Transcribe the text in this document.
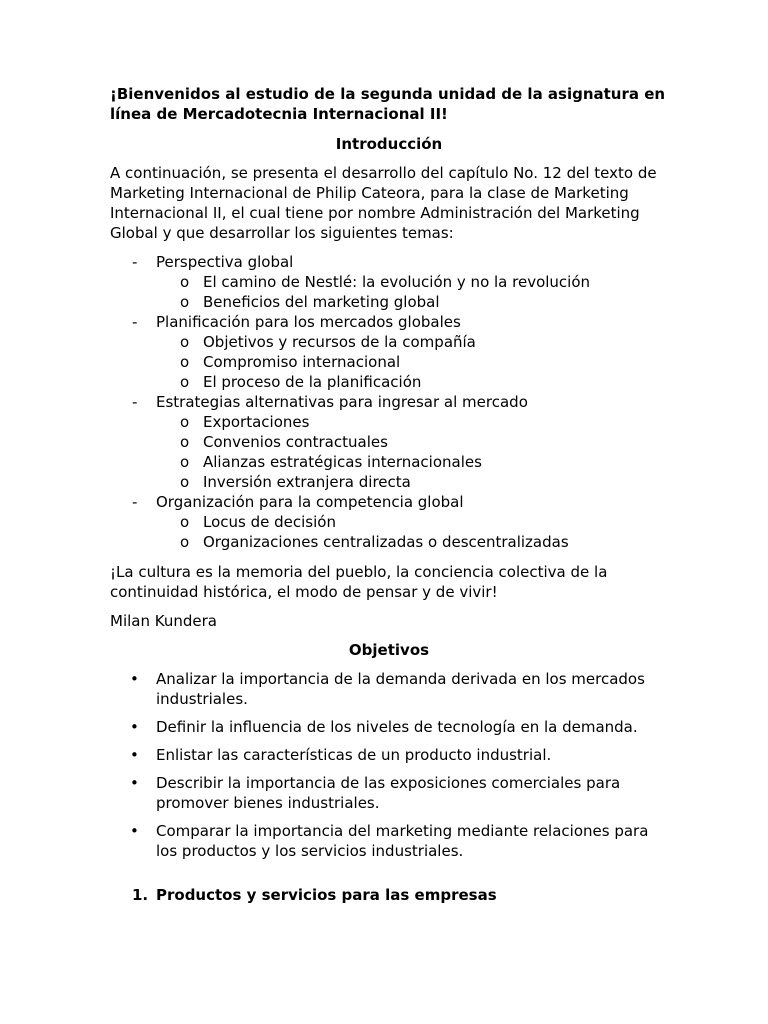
¡Bienvenidos al estudio de la segunda unidad de la asignatura en línea de Mercadotecnia Internacional II!

Introducción

A continuación, se presenta el desarrollo del capítulo No. 12 del texto de Marketing Internacional de Philip Cateora, para la clase de Marketing Internacional II, el cual tiene por nombre Administración del Marketing Global y que desarrollar los siguientes temas:

- Perspectiva global
o El camino de Nestlé: la evolución y no la revolución
o Beneficios del marketing global
- Planificación para los mercados globales
o Objetivos y recursos de la compañía
o Compromiso internacional
o El proceso de la planificación
- Estrategias alternativas para ingresar al mercado
o Exportaciones
o Convenios contractuales
o Alianzas estratégicas internacionales
o Inversión extranjera directa
- Organización para la competencia global
o Locus de decisión
o Organizaciones centralizadas o descentralizadas

¡La cultura es la memoria del pueblo, la conciencia colectiva de la continuidad histórica, el modo de pensar y de vivir!

Milan Kundera

Objetivos

• Analizar la importancia de la demanda derivada en los mercados industriales.
• Definir la influencia de los niveles de tecnología en la demanda.
• Enlistar las características de un producto industrial.
• Describir la importancia de las exposiciones comerciales para promover bienes industriales.
• Comparar la importancia del marketing mediante relaciones para los productos y los servicios industriales.
1. Productos y servicios para las empresas
